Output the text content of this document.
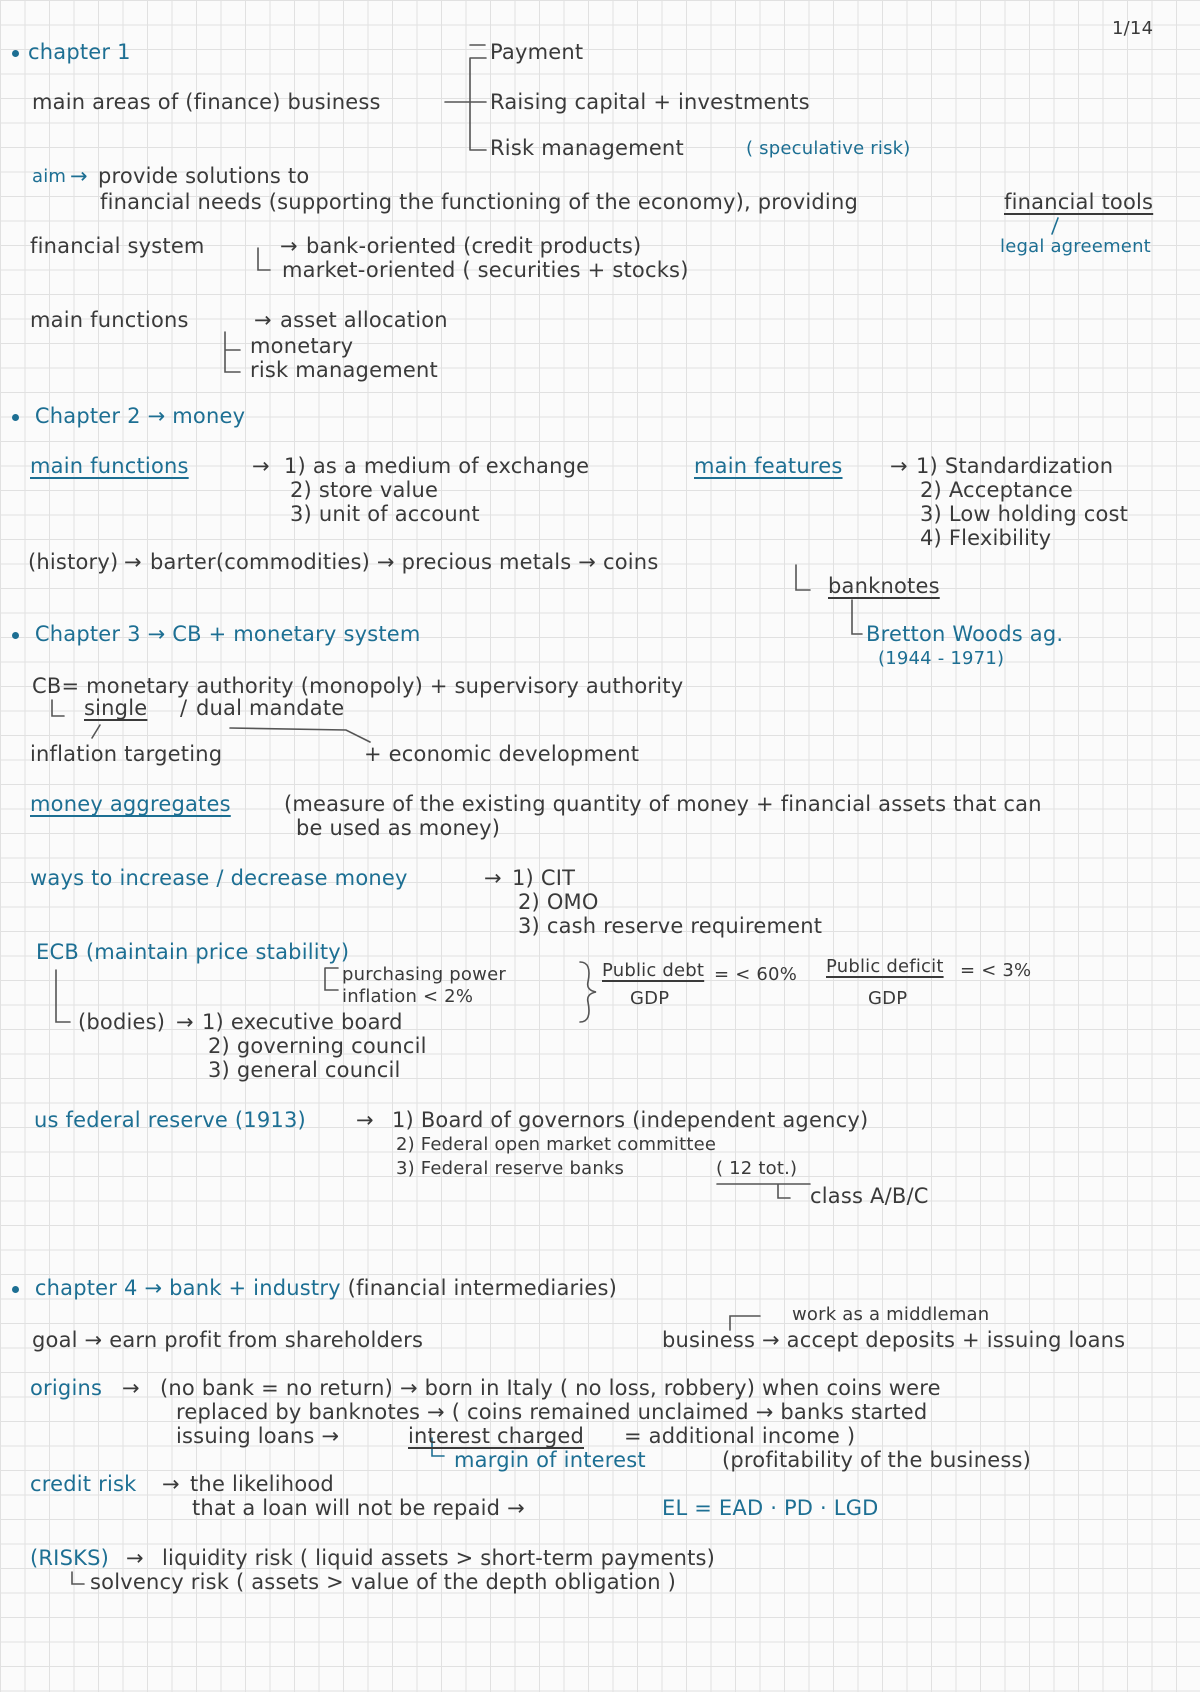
1/14
chapter 1	Payment
main areas of (finance) business	Raising capital + investments
Risk management	( speculative risk)
aim → provide solutions to
financial needs (supporting the functioning of the economy), providing	financial tools
legal agreement
financial system	→ bank-oriented (credit products)
market-oriented ( securities + stocks)
main functions	→ asset allocation
monetary
risk management
Chapter 2 → money
main functions	→ 1) as a medium of exchange
2) store value
3) unit of account
main features → 1) Standardization
2) Acceptance
3) Low holding cost
4) Flexibility
(history) → barter(commodities) → precious metals → coins
banknotes
Bretton Woods ag.
(1944 - 1971)
Chapter 3 → CB + monetary system
CB= monetary authority (monopoly) + supervisory authority
single / dual mandate
inflation targeting	+ economic development
money aggregates	(measure of the existing quantity of money + financial assets that can
be used as money)
ways to increase / decrease money	→ 1) CIT
2) OMO
3) cash reserve requirement
ECB (maintain price stability)
purchasing power
inflation < 2%
Public debt
GDP
= < 60% Public deficit
GDP
= < 3%
(bodies) → 1) executive board
2) governing council
3) general council
us federal reserve (1913) → 1) Board of governors (independent agency)
2) Federal open market committee
3) Federal reserve banks	( 12 tot.)
class A/B/C
chapter 4 → bank + industry (financial intermediaries)
work as a middleman
goal → earn profit from shareholders	business → accept deposits + issuing loans
origins → (no bank = no return) → born in Italy ( no loss, robbery) when coins were
replaced by banknotes → ( coins remained unclaimed → banks started
issuing loans →	interest charged = additional income )
margin of interest	(profitability of the business)
credit risk → the likelihood
that a loan will not be repaid →	EL = EAD · PD · LGD
(RISKS) → liquidity risk ( liquid assets > short-term payments)
solvency risk ( assets > value of the depth obligation )
